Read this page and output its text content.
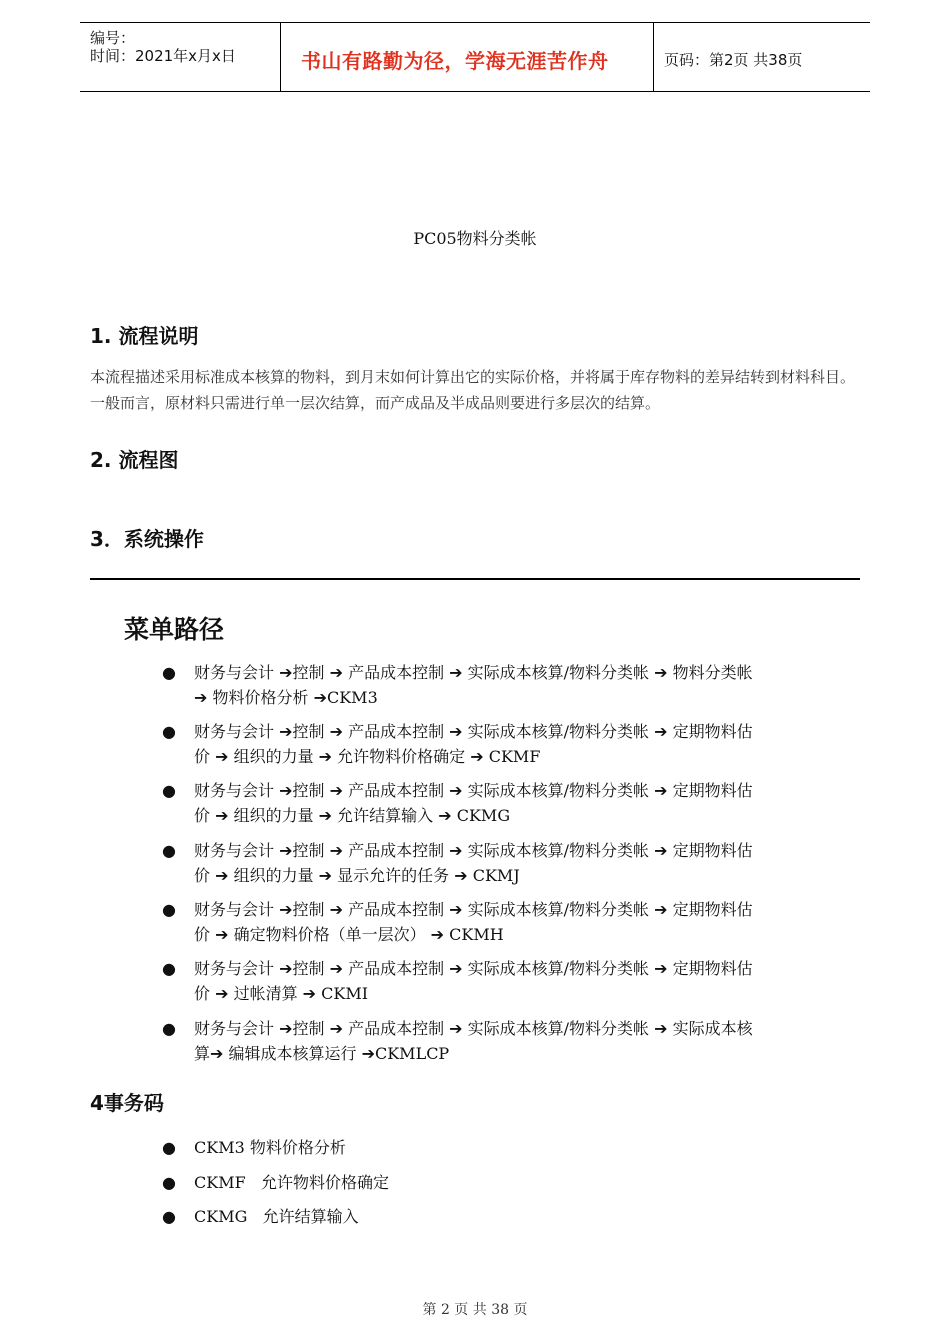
编号：
时间：2021年x月x日	书山有路勤为径，学海无涯苦作舟	页码：第2页 共38页
PC05物料分类帐
1. 流程说明
本流程描述采用标准成本核算的物料，到月末如何计算出它的实际价格，并将属于库存物料的差异结转到材料科目。一般而言，原材料只需进行单一层次结算，而产成品及半成品则要进行多层次的结算。
2. 流程图
3．系统操作
菜单路径
● 财务与会计 ➔控制 ➔ 产品成本控制 ➔ 实际成本核算/物料分类帐 ➔ 物料分类帐
➔ 物料价格分析 ➔CKM3
● 财务与会计 ➔控制 ➔ 产品成本控制 ➔ 实际成本核算/物料分类帐 ➔ 定期物料估
价 ➔ 组织的力量 ➔ 允许物料价格确定 ➔ CKMF
● 财务与会计 ➔控制 ➔ 产品成本控制 ➔ 实际成本核算/物料分类帐 ➔ 定期物料估
价 ➔ 组织的力量 ➔ 允许结算输入 ➔ CKMG
● 财务与会计 ➔控制 ➔ 产品成本控制 ➔ 实际成本核算/物料分类帐 ➔ 定期物料估
价 ➔ 组织的力量 ➔ 显示允许的任务 ➔ CKMJ
● 财务与会计 ➔控制 ➔ 产品成本控制 ➔ 实际成本核算/物料分类帐 ➔ 定期物料估
价 ➔ 确定物料价格（单一层次） ➔ CKMH
● 财务与会计 ➔控制 ➔ 产品成本控制 ➔ 实际成本核算/物料分类帐 ➔ 定期物料估
价 ➔ 过帐清算 ➔ CKMI
● 财务与会计 ➔控制 ➔ 产品成本控制 ➔ 实际成本核算/物料分类帐 ➔ 实际成本核
算➔ 编辑成本核算运行 ➔CKMLCP
4事务码
● CKM3 物料价格分析
● CKMF   允许物料价格确定
● CKMG   允许结算输入
第 2 页 共 38 页
